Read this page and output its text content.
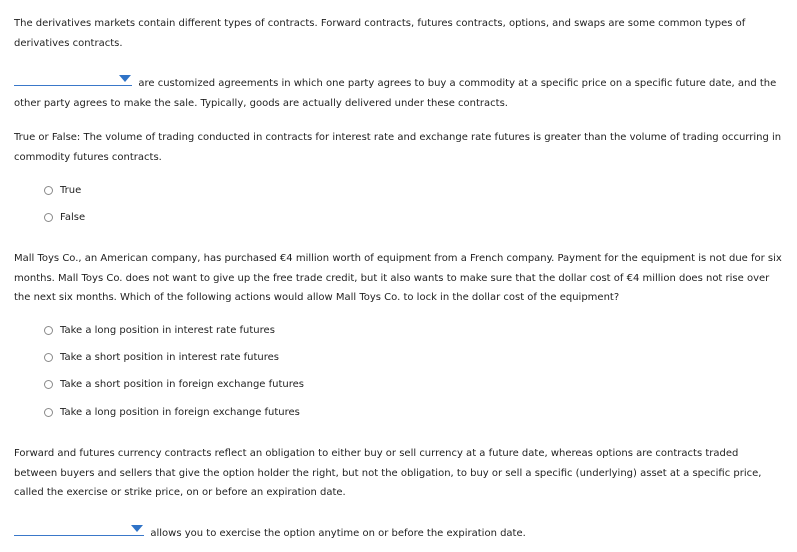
The derivatives markets contain different types of contracts. Forward contracts, futures contracts, options, and swaps are some common types of derivatives contracts.

are customized agreements in which one party agrees to buy a commodity at a specific price on a specific future date, and the other party agrees to make the sale. Typically, goods are actually delivered under these contracts.

True or False: The volume of trading conducted in contracts for interest rate and exchange rate futures is greater than the volume of trading occurring in commodity futures contracts.

True
False

Mall Toys Co., an American company, has purchased €4 million worth of equipment from a French company. Payment for the equipment is not due for six months. Mall Toys Co. does not want to give up the free trade credit, but it also wants to make sure that the dollar cost of €4 million does not rise over the next six months. Which of the following actions would allow Mall Toys Co. to lock in the dollar cost of the equipment?

Take a long position in interest rate futures
Take a short position in interest rate futures
Take a short position in foreign exchange futures
Take a long position in foreign exchange futures

Forward and futures currency contracts reflect an obligation to either buy or sell currency at a future date, whereas options are contracts traded between buyers and sellers that give the option holder the right, but not the obligation, to buy or sell a specific (underlying) asset at a specific price, called the exercise or strike price, on or before an expiration date.

allows you to exercise the option anytime on or before the expiration date.
